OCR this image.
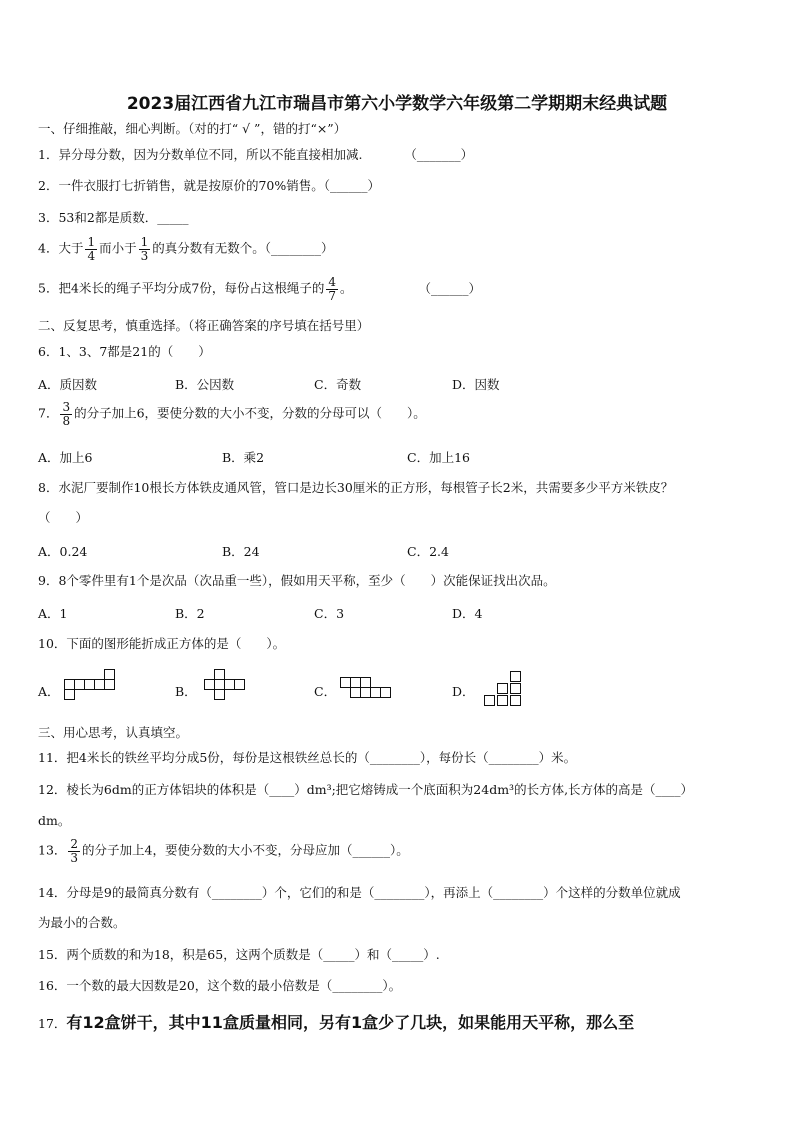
2023届江西省九江市瑞昌市第六小学数学六年级第二学期期末经典试题
一、仔细推敲，细心判断。（对的打“ √ ”，错的打“×”）
1．异分母分数，因为分数单位不同，所以不能直接相加减.	（_______）
2．一件衣服打七折销售，就是按原价的70%销售。（______）
3．53和2都是质数．_____
4．大于 $\frac{1}{4}$ 而小于 $\frac{1}{3}$ 的真分数有无数个。（________）
5．把4米长的绳子平均分成7份，每份占这根绳子的 $\frac{4}{7}$ 。	（______）
二、反复思考，慎重选择。（将正确答案的序号填在括号里）
6．1、3、7都是21的（　　）
A．质因数	B．公因数	C．奇数	D．因数
7． $\frac{3}{8}$ 的分子加上6，要使分数的大小不变，分数的分母可以（　　）。
A．加上6	B．乘2	C．加上16
8．水泥厂要制作10根长方体铁皮通风管，管口是边长30厘米的正方形，每根管子长2米，共需要多少平方米铁皮？
（　　）
A．0.24	B．24	C．2.4
9．8个零件里有1个是次品（次品重一些），假如用天平称，至少（　　）次能保证找出次品。
A．1	B．2	C．3	D．4
10．下面的图形能折成正方体的是（　　）。
A．	B．	C．	D．
三、用心思考，认真填空。
11．把4米长的铁丝平均分成5份，每份是这根铁丝总长的（________），每份长（________）米。
12．棱长为6dm的正方体铝块的体积是（____）dm³;把它熔铸成一个底面积为24dm³的长方体,长方体的高是（____）
dm。
13． $\frac{2}{3}$ 的分子加上4，要使分数的大小不变，分母应加（______）。
14．分母是9的最简真分数有（________）个，它们的和是（________），再添上（________）个这样的分数单位就成
为最小的合数。
15．两个质数的和为18，积是65，这两个质数是（_____）和（_____）.
16．一个数的最大因数是20，这个数的最小倍数是（________）。
17．有12盒饼干，其中11盒质量相同，另有1盒少了几块，如果能用天平称，那么至
